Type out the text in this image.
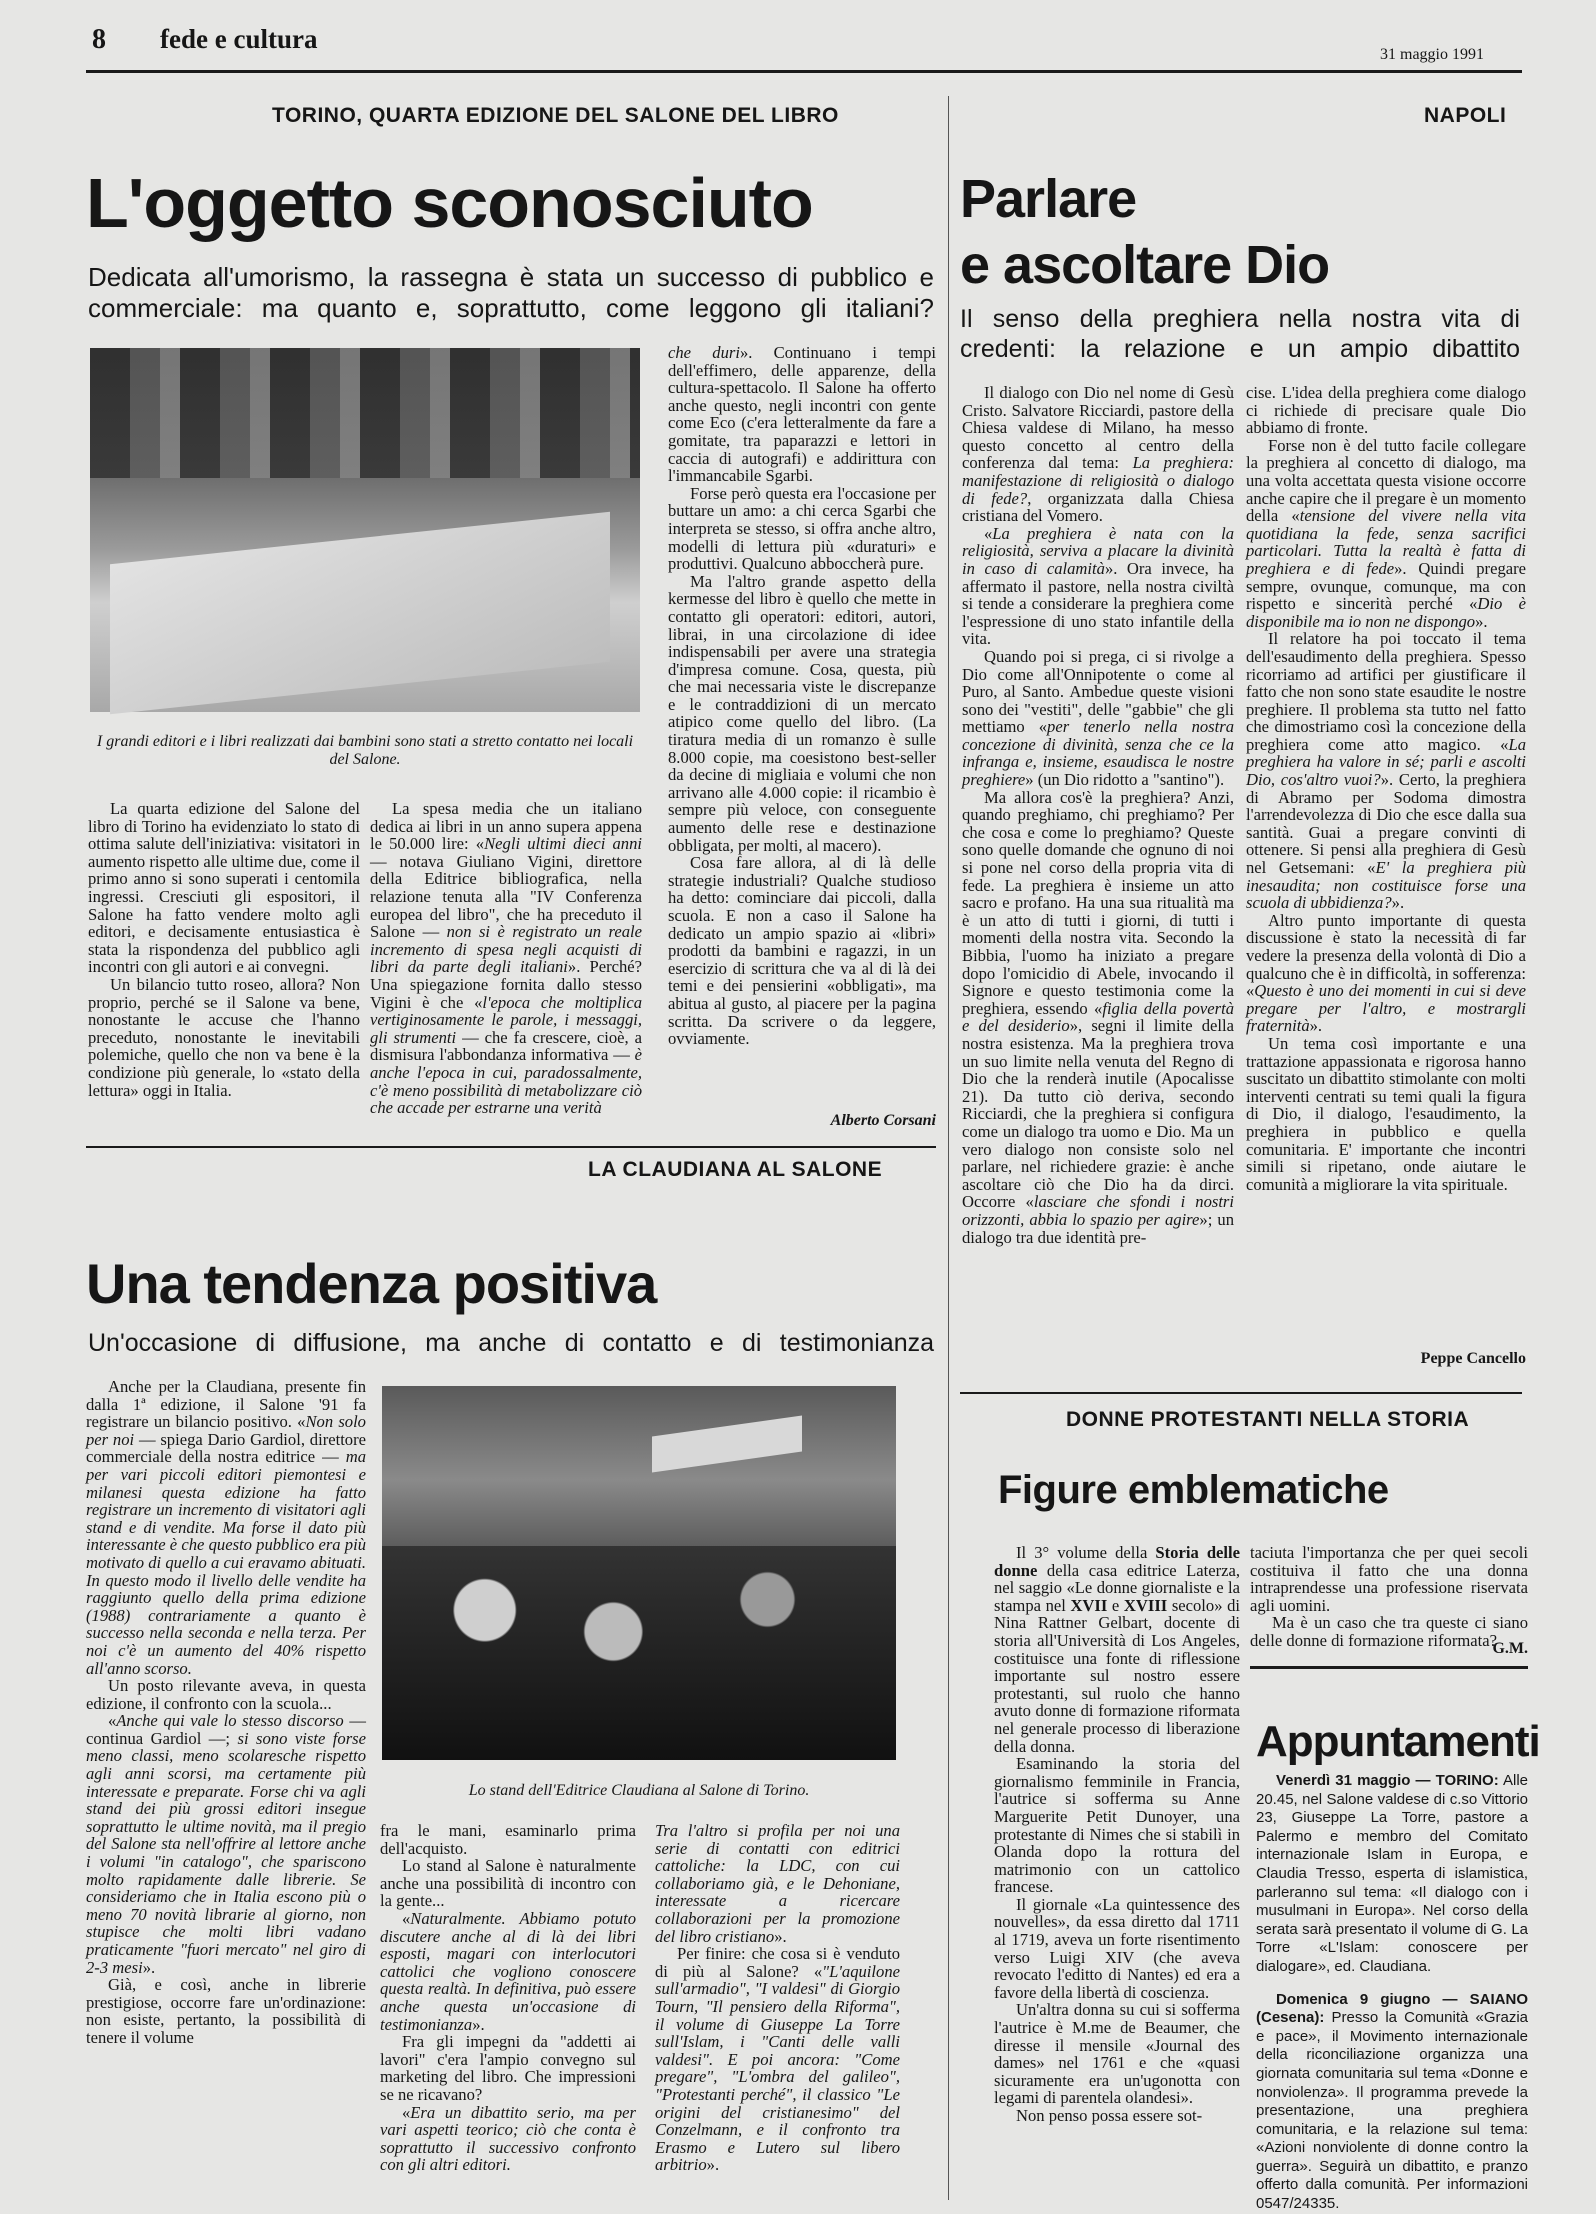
8 fede e cultura
31 maggio 1991
TORINO, QUARTA EDIZIONE DEL SALONE DEL LIBRO
L'oggetto sconosciuto
Dedicata all'umorismo, la rassegna è stata un successo di pubblico e commerciale: ma quanto e, soprattutto, come leggono gli italiani?
I grandi editori e i libri realizzati dai bambini sono stati a stretto contatto nei locali del Salone.

La quarta edizione del Salone del libro di Torino ha evidenziato lo stato di ottima salute dell'iniziativa: visitatori in aumento rispetto alle ultime due, come il primo anno si sono superati i centomila ingressi. Cresciuti gli espositori, il Salone ha fatto vendere molto agli editori, e decisamente entusiastica è stata la rispondenza del pubblico agli incontri con gli autori e ai convegni.

Un bilancio tutto roseo, allora? Non proprio, perché se il Salone va bene, nonostante le accuse che l'hanno preceduto, nonostante le inevitabili polemiche, quello che non va bene è la condizione più generale, lo «stato della lettura» oggi in Italia.

La spesa media che un italiano dedica ai libri in un anno supera appena le 50.000 lire: «Negli ultimi dieci anni — notava Giuliano Vigini, direttore della Editrice bibliografica, nella relazione tenuta alla "IV Conferenza europea del libro", che ha preceduto il Salone — non si è registrato un reale incremento di spesa negli acquisti di libri da parte degli italiani». Perché? Una spiegazione fornita dallo stesso Vigini è che «l'epoca che moltiplica vertiginosamente le parole, i messaggi, gli strumenti — che fa crescere, cioè, a dismisura l'abbondanza informativa — è anche l'epoca in cui, paradossalmente, c'è meno possibilità di metabolizzare ciò che accade per estrarne una verità

che duri». Continuano i tempi dell'effimero, delle apparenze, della cultura-spettacolo. Il Salone ha offerto anche questo, negli incontri con gente come Eco (c'era letteralmente da fare a gomitate, tra paparazzi e lettori in caccia di autografi) e addirittura con l'immancabile Sgarbi.

Forse però questa era l'occasione per buttare un amo: a chi cerca Sgarbi che interpreta se stesso, si offra anche altro, modelli di lettura più «duraturi» e produttivi. Qualcuno abboccherà pure.

Ma l'altro grande aspetto della kermesse del libro è quello che mette in contatto gli operatori: editori, autori, librai, in una circolazione di idee indispensabili per avere una strategia d'impresa comune. Cosa, questa, più che mai necessaria viste le discrepanze e le contraddizioni di un mercato atipico come quello del libro. (La tiratura media di un romanzo è sulle 8.000 copie, ma coesistono best-seller da decine di migliaia e volumi che non arrivano alle 4.000 copie: il ricambio è sempre più veloce, con conseguente aumento delle rese e destinazione obbligata, per molti, al macero).

Cosa fare allora, al di là delle strategie industriali? Qualche studioso ha detto: cominciare dai piccoli, dalla scuola. E non a caso il Salone ha dedicato un ampio spazio ai «libri» prodotti da bambini e ragazzi, in un esercizio di scrittura che va al di là dei temi e dei pensierini «obbligati», ma abitua al gusto, al piacere per la pagina scritta. Da scrivere o da leggere, ovviamente.

Alberto Corsani
NAPOLI
Parlare
e ascoltare Dio
Il senso della preghiera nella nostra vita di credenti: la relazione e un ampio dibattito

Il dialogo con Dio nel nome di Gesù Cristo. Salvatore Ricciardi, pastore della Chiesa valdese di Milano, ha messo questo concetto al centro della conferenza dal tema: La preghiera: manifestazione di religiosità o dialogo di fede?, organizzata dalla Chiesa cristiana del Vomero.

«La preghiera è nata con la religiosità, serviva a placare la divinità in caso di calamità». Ora invece, ha affermato il pastore, nella nostra civiltà si tende a considerare la preghiera come l'espressione di uno stato infantile della vita.

Quando poi si prega, ci si rivolge a Dio come all'Onnipotente o come al Puro, al Santo. Ambedue queste visioni sono dei "vestiti", delle "gabbie" che gli mettiamo «per tenerlo nella nostra concezione di divinità, senza che ce la infranga e, insieme, esaudisca le nostre preghiere» (un Dio ridotto a "santino").

Ma allora cos'è la preghiera? Anzi, quando preghiamo, chi preghiamo? Per che cosa e come lo preghiamo? Queste sono quelle domande che ognuno di noi si pone nel corso della propria vita di fede. La preghiera è insieme un atto sacro e profano. Ha una sua ritualità ma è un atto di tutti i giorni, di tutti i momenti della nostra vita. Secondo la Bibbia, l'uomo ha iniziato a pregare dopo l'omicidio di Abele, invocando il Signore e questo testimonia come la preghiera, essendo «figlia della povertà e del desiderio», segni il limite della nostra esistenza. Ma la preghiera trova un suo limite nella venuta del Regno di Dio che la renderà inutile (Apocalisse 21). Da tutto ciò deriva, secondo Ricciardi, che la preghiera si configura come un dialogo tra uomo e Dio. Ma un vero dialogo non consiste solo nel parlare, nel richiedere grazie: è anche ascoltare ciò che Dio ha da dirci. Occorre «lasciare che sfondi i nostri orizzonti, abbia lo spazio per agire»; un dialogo tra due identità pre-

cise. L'idea della preghiera come dialogo ci richiede di precisare quale Dio abbiamo di fronte.

Forse non è del tutto facile collegare la preghiera al concetto di dialogo, ma una volta accettata questa visione occorre anche capire che il pregare è un momento della «tensione del vivere nella vita quotidiana la fede, senza sacrifici particolari. Tutta la realtà è fatta di preghiera e di fede». Quindi pregare sempre, ovunque, comunque, ma con rispetto e sincerità perché «Dio è disponibile ma io non ne dispongo».

Il relatore ha poi toccato il tema dell'esaudimento della preghiera. Spesso ricorriamo ad artifici per giustificare il fatto che non sono state esaudite le nostre preghiere. Il problema sta tutto nel fatto che dimostriamo così la concezione della preghiera come atto magico. «La preghiera ha valore in sé; parli e ascolti Dio, cos'altro vuoi?». Certo, la preghiera di Abramo per Sodoma dimostra l'arrendevolezza di Dio che esce dalla sua santità. Guai a pregare convinti di ottenere. Si pensi alla preghiera di Gesù nel Getsemani: «E' la preghiera più inesaudita; non costituisce forse una scuola di ubbidienza?».

Altro punto importante di questa discussione è stato la necessità di far vedere la presenza della volontà di Dio a qualcuno che è in difficoltà, in sofferenza: «Questo è uno dei momenti in cui si deve pregare per l'altro, e mostrargli fraternità».

Un tema così importante e una trattazione appassionata e rigorosa hanno suscitato un dibattito stimolante con molti interventi centrati su temi quali la figura di Dio, il dialogo, l'esaudimento, la preghiera in pubblico e quella comunitaria. E' importante che incontri simili si ripetano, onde aiutare le comunità a migliorare la vita spirituale.

Peppe Cancello
LA CLAUDIANA AL SALONE
Una tendenza positiva
Un'occasione di diffusione, ma anche di contatto e di testimonianza

Anche per la Claudiana, presente fin dalla 1ª edizione, il Salone '91 fa registrare un bilancio positivo. «Non solo per noi — spiega Dario Gardiol, direttore commerciale della nostra editrice — ma per vari piccoli editori piemontesi e milanesi questa edizione ha fatto registrare un incremento di visitatori agli stand e di vendite. Ma forse il dato più interessante è che questo pubblico era più motivato di quello a cui eravamo abituati. In questo modo il livello delle vendite ha raggiunto quello della prima edizione (1988) contrariamente a quanto è successo nella seconda e nella terza. Per noi c'è un aumento del 40% rispetto all'anno scorso.

Un posto rilevante aveva, in questa edizione, il confronto con la scuola...

«Anche qui vale lo stesso discorso — continua Gardiol —; si sono viste forse meno classi, meno scolaresche rispetto agli anni scorsi, ma certamente più interessate e preparate. Forse chi va agli stand dei più grossi editori insegue soprattutto le ultime novità, ma il pregio del Salone sta nell'offrire al lettore anche i volumi "in catalogo", che spariscono molto rapidamente dalle librerie. Se consideriamo che in Italia escono più o meno 70 novità librarie al giorno, non stupisce che molti libri vadano praticamente "fuori mercato" nel giro di 2-3 mesi».

Già, e così, anche in librerie prestigiose, occorre fare un'ordinazione: non esiste, pertanto, la possibilità di tenere il volume

Lo stand dell'Editrice Claudiana al Salone di Torino.

fra le mani, esaminarlo prima dell'acquisto.

Lo stand al Salone è naturalmente anche una possibilità di incontro con la gente...

«Naturalmente. Abbiamo potuto discutere anche al di là dei libri esposti, magari con interlocutori cattolici che vogliono conoscere questa realtà. In definitiva, può essere anche questa un'occasione di testimonianza».

Fra gli impegni da "addetti ai lavori" c'era l'ampio convegno sul marketing del libro. Che impressioni se ne ricavano?

«Era un dibattito serio, ma per vari aspetti teorico; ciò che conta è soprattutto il successivo confronto con gli altri editori.

Tra l'altro si profila per noi una serie di contatti con editrici cattoliche: la LDC, con cui collaboriamo già, e le Dehoniane, interessate a ricercare collaborazioni per la promozione del libro cristiano».

Per finire: che cosa si è venduto di più al Salone? «"L'aquilone sull'armadio", "I valdesi" di Giorgio Tourn, "Il pensiero della Riforma", il volume di Giuseppe La Torre sull'Islam, i "Canti delle valli valdesi". E poi ancora: "Come pregare", "L'ombra del galileo", "Protestanti perché", il classico "Le origini del cristianesimo" del Conzelmann, e il confronto tra Erasmo e Lutero sul libero arbitrio».

DONNE PROTESTANTI NELLA STORIA
Figure emblematiche

Il 3° volume della Storia delle donne della casa editrice Laterza, nel saggio «Le donne giornaliste e la stampa nel XVII e XVIII secolo» di Nina Rattner Gelbart, docente di storia all'Università di Los Angeles, costituisce una fonte di riflessione importante sul nostro essere protestanti, sul ruolo che hanno avuto donne di formazione riformata nel generale processo di liberazione della donna.

Esaminando la storia del giornalismo femminile in Francia, l'autrice si sofferma su Anne Marguerite Petit Dunoyer, una protestante di Nimes che si stabilì in Olanda dopo la rottura del matrimonio con un cattolico francese.

Il giornale «La quintessence des nouvelles», da essa diretto dal 1711 al 1719, aveva un forte risentimento verso Luigi XIV (che aveva revocato l'editto di Nantes) ed era a favore della libertà di coscienza.

Un'altra donna su cui si sofferma l'autrice è M.me de Beaumer, che diresse il mensile «Journal des dames» nel 1761 e che «quasi sicuramente era un'ugonotta con legami di parentela olandesi».

Non penso possa essere sot-

taciuta l'importanza che per quei secoli costituiva il fatto che una donna intraprendesse una professione riservata agli uomini.

Ma è un caso che tra queste ci siano delle donne di formazione riformata?

G.M.
Appuntamenti

Venerdì 31 maggio — TORINO: Alle 20.45, nel Salone valdese di c.so Vittorio 23, Giuseppe La Torre, pastore a Palermo e membro del Comitato internazionale Islam in Europa, e Claudia Tresso, esperta di islamistica, parleranno sul tema: «Il dialogo con i musulmani in Europa». Nel corso della serata sarà presentato il volume di G. La Torre «L'Islam: conoscere per dialogare», ed. Claudiana.

Domenica 9 giugno — SAIANO (Cesena): Presso la Comunità «Grazia e pace», il Movimento internazionale della riconciliazione organizza una giornata comunitaria sul tema «Donne e nonviolenza». Il programma prevede la presentazione, una preghiera comunitaria, e la relazione sul tema: «Azioni nonviolente di donne contro la guerra». Seguirà un dibattito, e pranzo offerto dalla comunità. Per informazioni 0547/24335.
